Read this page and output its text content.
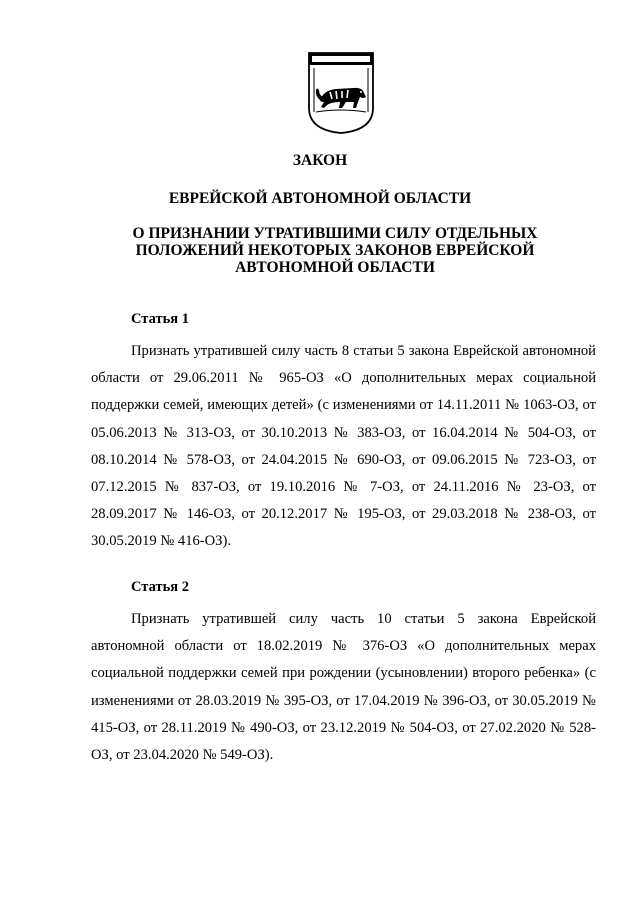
ЗАКОН
ЕВРЕЙСКОЙ АВТОНОМНОЙ ОБЛАСТИ
О ПРИЗНАНИИ УТРАТИВШИМИ СИЛУ ОТДЕЛЬНЫХ ПОЛОЖЕНИЙ НЕКОТОРЫХ ЗАКОНОВ ЕВРЕЙСКОЙ АВТОНОМНОЙ ОБЛАСТИ
Статья 1

Признать утратившей силу часть 8 статьи 5 закона Еврейской автономной области от 29.06.2011 № 965-ОЗ «О дополнительных мерах социальной поддержки семей, имеющих детей» (с изменениями от 14.11.2011 № 1063-ОЗ, от 05.06.2013 № 313-ОЗ, от 30.10.2013 № 383-ОЗ, от 16.04.2014 № 504-ОЗ, от 08.10.2014 № 578-ОЗ, от 24.04.2015 № 690-ОЗ, от 09.06.2015 № 723-ОЗ, от 07.12.2015 № 837-ОЗ, от 19.10.2016 № 7-ОЗ, от 24.11.2016 № 23-ОЗ, от 28.09.2017 № 146-ОЗ, от 20.12.2017 № 195-ОЗ, от 29.03.2018 № 238-ОЗ, от 30.05.2019 № 416-ОЗ).

Статья 2

Признать утратившей силу часть 10 статьи 5 закона Еврейской автономной области от 18.02.2019 № 376-ОЗ «О дополнительных мерах социальной поддержки семей при рождении (усыновлении) второго ребенка» (с изменениями от 28.03.2019 № 395-ОЗ, от 17.04.2019 № 396-ОЗ, от 30.05.2019 № 415-ОЗ, от 28.11.2019 № 490-ОЗ, от 23.12.2019 № 504-ОЗ, от 27.02.2020 № 528-ОЗ, от 23.04.2020 № 549-ОЗ).
